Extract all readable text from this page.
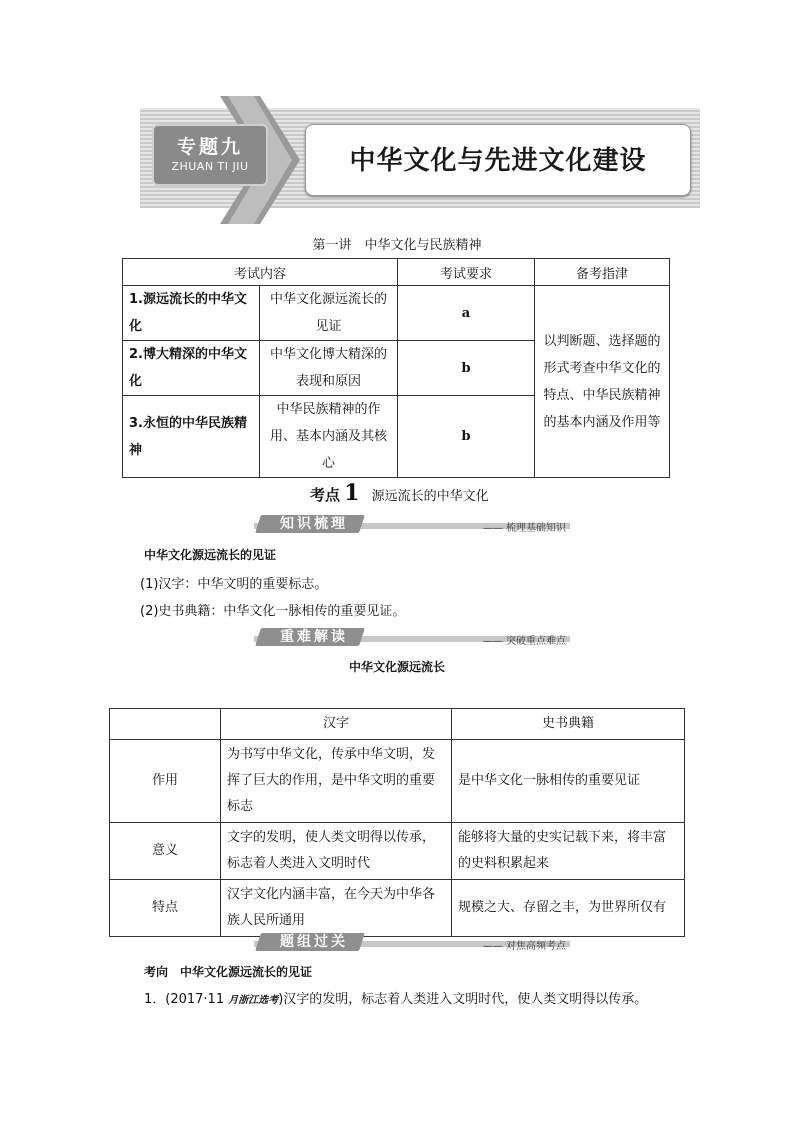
专题九
ZHUAN TI JIU	中华文化与先进文化建设
第一讲　中华文化与民族精神
考试内容		考试要求	备考指津
1.源远流长的中华文化	中华文化源远流长的见证	a	以判断题、选择题的形式考查中华文化的特点、中华民族精神的基本内涵及作用等
2.博大精深的中华文化	中华文化博大精深的表现和原因	b	
3.永恒的中华民族精神	中华民族精神的作用、基本内涵及其核心	b	
考点 1 源远流长的中华文化
知识梳理	—— 梳理基础知识
中华文化源远流长的见证
(1)汉字：中华文明的重要标志。
(2)史书典籍：中华文化一脉相传的重要见证。
重难解读	—— 突破重点难点
中华文化源远流长
	汉字	史书典籍
作用	为书写中华文化，传承中华文明，发挥了巨大的作用，是中华文明的重要标志	是中华文化一脉相传的重要见证
意义	文字的发明，使人类文明得以传承，标志着人类进入文明时代	能够将大量的史实记载下来，将丰富的史料积累起来
特点	汉字文化内涵丰富，在今天为中华各族人民所通用	规模之大、存留之丰，为世界所仅有
题组过关	—— 对焦高频考点
考向　中华文化源远流长的见证
1．(2017·11 月浙江选考)汉字的发明，标志着人类进入文明时代，使人类文明得以传承。
